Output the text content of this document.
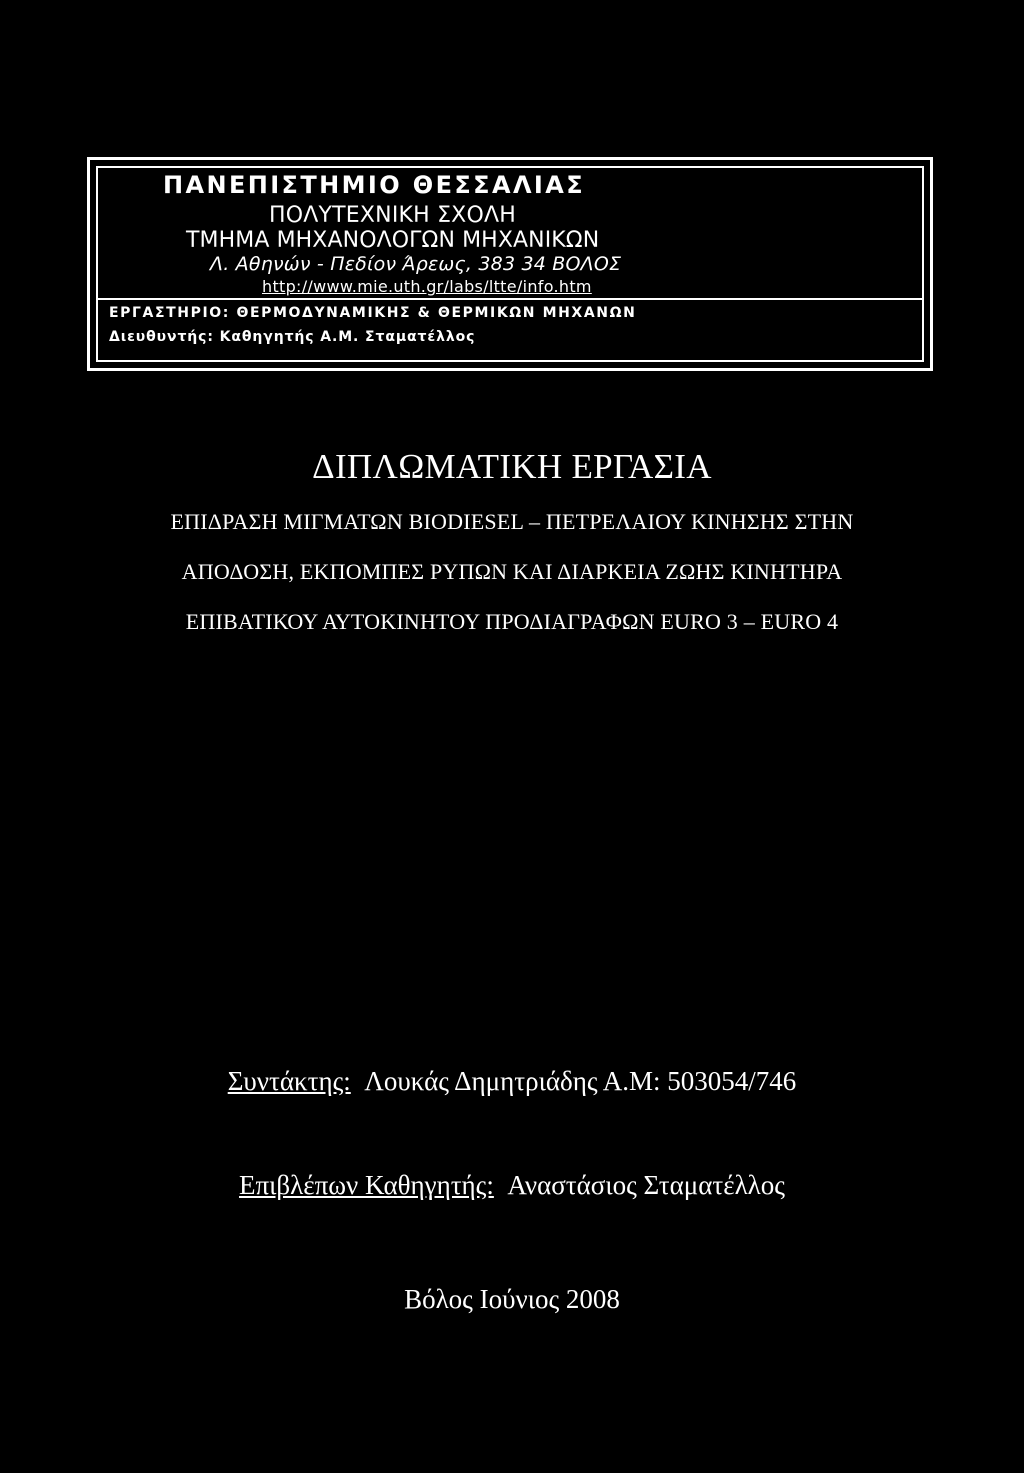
ΠΑΝΕΠΙΣΤΗΜΙΟ ΘΕΣΣΑΛΙΑΣ
ΠΟΛΥΤΕΧΝΙΚΗ ΣΧΟΛΗ
ΤΜΗΜΑ ΜΗΧΑΝΟΛΟΓΩΝ ΜΗΧΑΝΙΚΩΝ
Λ. Αθηνών - Πεδίον Άρεως, 383 34 ΒΟΛΟΣ
http://www.mie.uth.gr/labs/ltte/info.htm
ΕΡΓΑΣΤΗΡΙΟ: ΘΕΡΜΟΔΥΝΑΜΙΚΗΣ & ΘΕΡΜΙΚΩΝ ΜΗΧΑΝΩΝ
Διευθυντής: Καθηγητής Α.Μ. Σταματέλλος
ΔΙΠΛΩΜΑΤΙΚΗ ΕΡΓΑΣΙΑ
ΕΠΙΔΡΑΣΗ ΜΙΓΜΑΤΩΝ BIODIESEL – ΠΕΤΡΕΛΑΙΟΥ ΚΙΝΗΣΗΣ ΣΤΗΝ
ΑΠΟΔΟΣΗ, ΕΚΠΟΜΠΕΣ ΡΥΠΩΝ ΚΑΙ ΔΙΑΡΚΕΙΑ ΖΩΗΣ ΚΙΝΗΤΗΡΑ
ΕΠΙΒΑΤΙΚΟΥ ΑΥΤΟΚΙΝΗΤΟΥ ΠΡΟΔΙΑΓΡΑΦΩΝ EURO 3 – EURO 4
Συντάκτης: Λουκάς Δημητριάδης Α.Μ: 503054/746
Επιβλέπων Καθηγητής: Αναστάσιος Σταματέλλος
Βόλος Ιούνιος 2008
